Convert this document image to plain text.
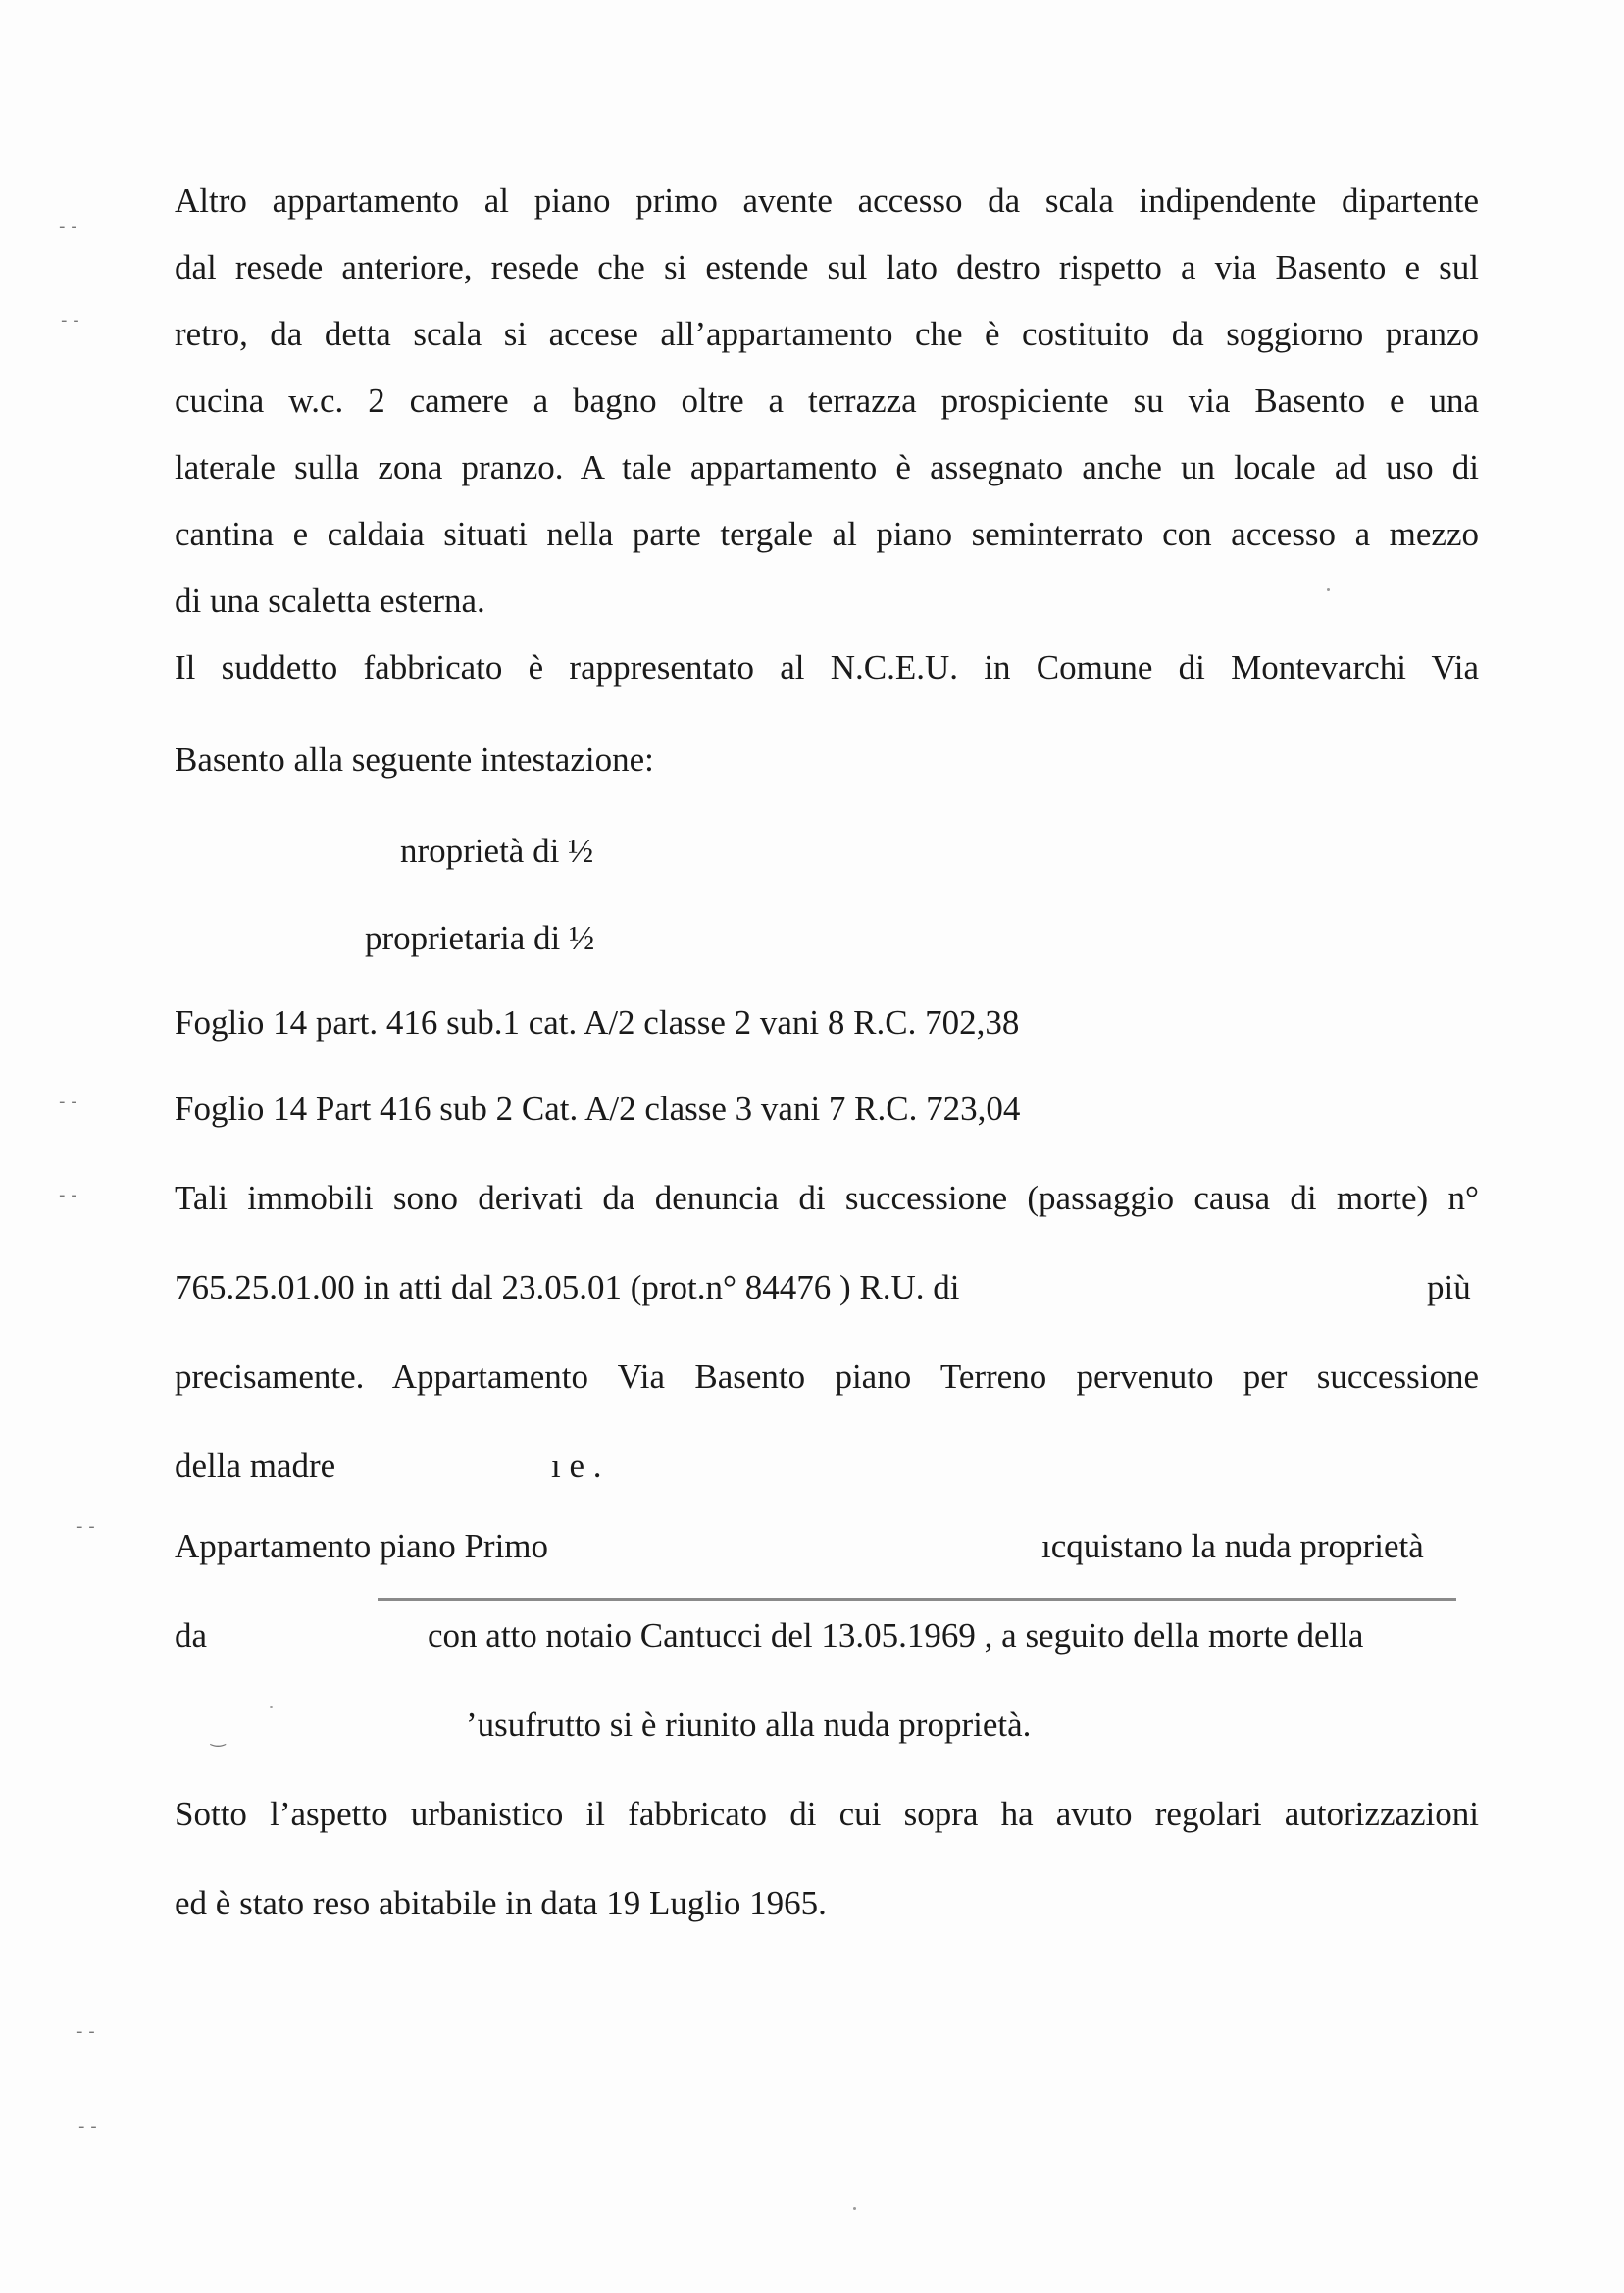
Altro appartamento al piano primo avente accesso da scala indipendente dipartente
dal resede anteriore, resede che si estende sul lato destro rispetto a via Basento e sul
retro, da detta scala si accese all’appartamento che è costituito da soggiorno pranzo
cucina w.c. 2 camere a bagno oltre a terrazza prospiciente su via Basento e una
laterale sulla zona pranzo. A tale appartamento è assegnato anche un locale ad uso di
cantina e caldaia situati nella parte tergale al piano seminterrato con accesso a mezzo
di una scaletta esterna.
Il suddetto fabbricato è rappresentato al N.C.E.U. in Comune di Montevarchi Via
Basento alla seguente intestazione:
nroprietà di ½
proprietaria di ½
Foglio 14 part. 416 sub.1 cat. A/2 classe 2 vani 8 R.C. 702,38
Foglio 14 Part 416 sub 2 Cat. A/2 classe 3 vani 7 R.C. 723,04
Tali immobili sono derivati da denuncia di successione (passaggio causa di morte) n°
765.25.01.00 in atti dal 23.05.01 (prot.n° 84476 ) R.U. di	più
precisamente. Appartamento Via Basento piano Terreno pervenuto per successione
della madre	ı e .
Appartamento piano Primo	ıcquistano la nuda proprietà
da	con atto notaio Cantucci del 13.05.1969 , a seguito della morte della
’usufrutto si è riunito alla nuda proprietà.
Sotto l’aspetto urbanistico il fabbricato di cui sopra ha avuto regolari autorizzazioni
ed è stato reso abitabile in data 19 Luglio 1965.
‐ ‑
‐ ‑
‐ ‑
‐ ‑
‐ ‑
‐ ‑
‐ ‑
‿
